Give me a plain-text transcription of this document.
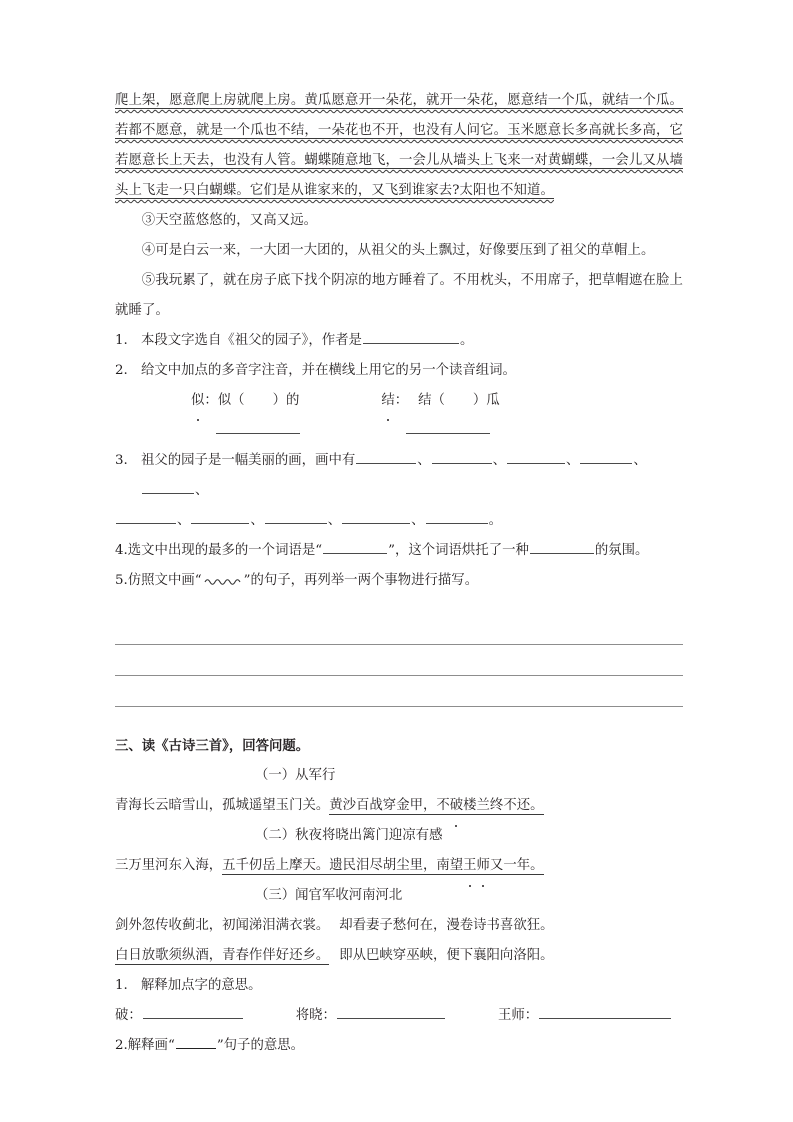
爬上架，愿意爬上房就爬上房。黄瓜愿意开一朵花，就开一朵花，愿意结一个瓜，就结一个瓜。若都不愿意，就是一个瓜也不结，一朵花也不开，也没有人问它。玉米愿意长多高就长多高，它若愿意长上天去，也没有人管。蝴蝶随意地飞，一会儿从墙头上飞来一对黄蝴蝶，一会儿又从墙头上飞走一只白蝴蝶。它们是从谁家来的，又飞到谁家去?太阳也不知道。

③天空蓝悠悠的，又高又远。

④可是白云一来，一大团一大团的，从祖父的头上飘过，好像要压到了祖父的草帽上。

⑤我玩累了，就在房子底下找个阴凉的地方睡着了。不用枕头，不用席子，把草帽遮在脸上就睡了。

1. 本段文字选自《祖父的园子》，作者是	。

2. 给文中加点的多音字注音，并在横线上用它的另一个读音组词。

似：似（ ）的	结： 结（ ）瓜

3. 祖父的园子是一幅美丽的画，画中有	、	、	、	、、

、	、	、	、	。

4.选文中出现的最多的一个词语是“	”，这个词语烘托了一种	的氛围。

5.仿照文中画“	”的句子，再列举一两个事物进行描写。

三、读《古诗三首》，回答问题。

（一）从军行

青海长云暗雪山，孤城遥望玉门关。黄沙百战穿金甲，不破楼兰终不还。

（二）秋夜将晓出篱门迎凉有感

三万里河东入海，五千仞岳上摩天。遗民泪尽胡尘里，南望王师又一年。

（三）闻官军收河南河北

剑外忽传收蓟北，初闻涕泪满衣裳。 却看妻子愁何在，漫卷诗书喜欲狂。

白日放歌须纵酒，青春作伴好还乡。 即从巴峡穿巫峡，便下襄阳向洛阳。

1. 解释加点字的意思。

破：	将晓：	王师：

2.解释画“	”句子的意思。
